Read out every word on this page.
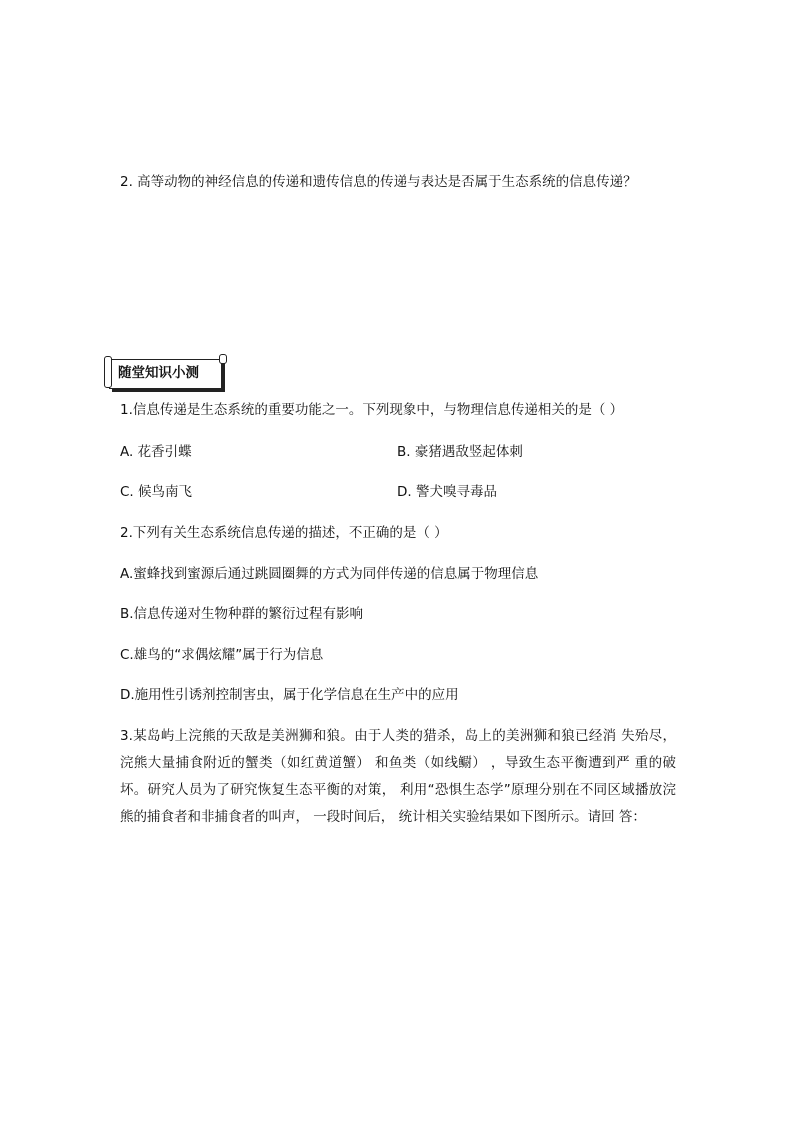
2. 高等动物的神经信息的传递和遗传信息的传递与表达是否属于生态系统的信息传递？
随堂知识小测
1.信息传递是生态系统的重要功能之一。下列现象中，与物理信息传递相关的是（ ）
A. 花香引蝶	B. 豪猪遇敌竖起体刺
C. 候鸟南飞	D. 警犬嗅寻毒品
2.下列有关生态系统信息传递的描述，不正确的是（ ）
A.蜜蜂找到蜜源后通过跳圆圈舞的方式为同伴传递的信息属于物理信息
B.信息传递对生物种群的繁衍过程有影响
C.雄鸟的“求偶炫耀”属于行为信息
D.施用性引诱剂控制害虫，属于化学信息在生产中的应用
3.某岛屿上浣熊的天敌是美洲狮和狼。由于人类的猎杀，岛上的美洲狮和狼已经消 失殆尽，浣熊大量捕食附近的蟹类（如红黄道蟹） 和鱼类（如线鳚） ，导致生态平衡遭到严 重的破坏。研究人员为了研究恢复生态平衡的对策， 利用“恐惧生态学”原理分别在不同区域播放浣熊的捕食者和非捕食者的叫声， 一段时间后， 统计相关实验结果如下图所示。请回 答：
